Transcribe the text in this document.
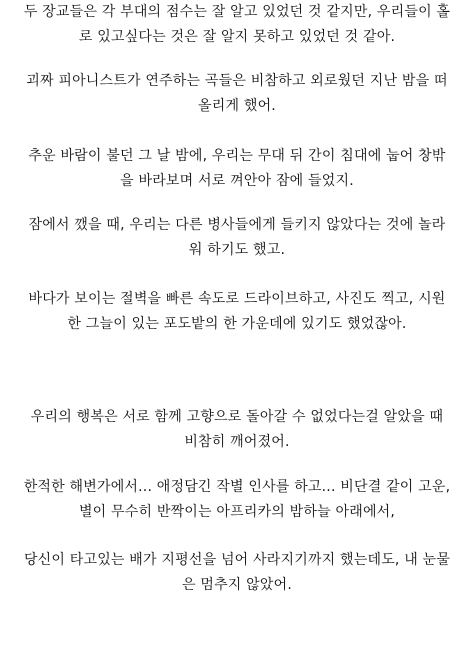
두 장교들은 각 부대의 점수는 잘 알고 있었던 것 같지만, 우리들이 홀
로 있고싶다는 것은 잘 알지 못하고 있었던 것 같아.

괴짜 피아니스트가 연주하는 곡들은 비참하고 외로웠던 지난 밤을 떠
올리게 했어.

추운 바람이 불던 그 날 밤에, 우리는 무대 뒤 간이 침대에 눕어 창밖
을 바라보며 서로 껴안아 잠에 들었지.

잠에서 깼을 때, 우리는 다른 병사들에게 들키지 않았다는 것에 놀라
워 하기도 했고.

바다가 보이는 절벽을 빠른 속도로 드라이브하고, 사진도 찍고, 시원
한 그늘이 있는 포도밭의 한 가운데에 있기도 했었잖아.

우리의 행복은 서로 함께 고향으로 돌아갈 수 없었다는걸 알았을 때
비참히 깨어졌어.

한적한 해변가에서... 애정담긴 작별 인사를 하고... 비단결 같이 고운,
별이 무수히 반짝이는 아프리카의 밤하늘 아래에서,

당신이 타고있는 배가 지평선을 넘어 사라지기까지 했는데도, 내 눈물
은 멈추지 않았어.
